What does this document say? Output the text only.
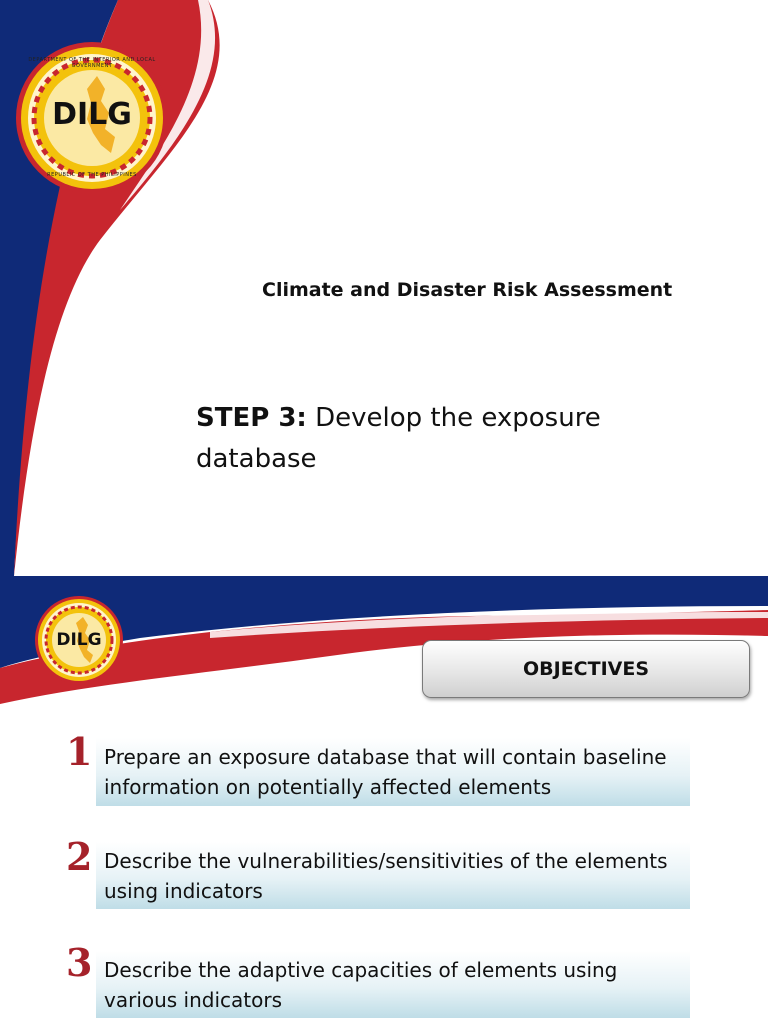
DILG
DEPARTMENT OF THE INTERIOR AND LOCAL GOVERNMENT
REPUBLIC OF THE PHILIPPINES
Climate and Disaster Risk Assessment
STEP 3: Develop the exposure database
DILG
OBJECTIVES
1 Prepare an exposure database that will contain baseline information on potentially affected elements
2 Describe the vulnerabilities/sensitivities of the elements using indicators
3 Describe the adaptive capacities of elements using various indicators
